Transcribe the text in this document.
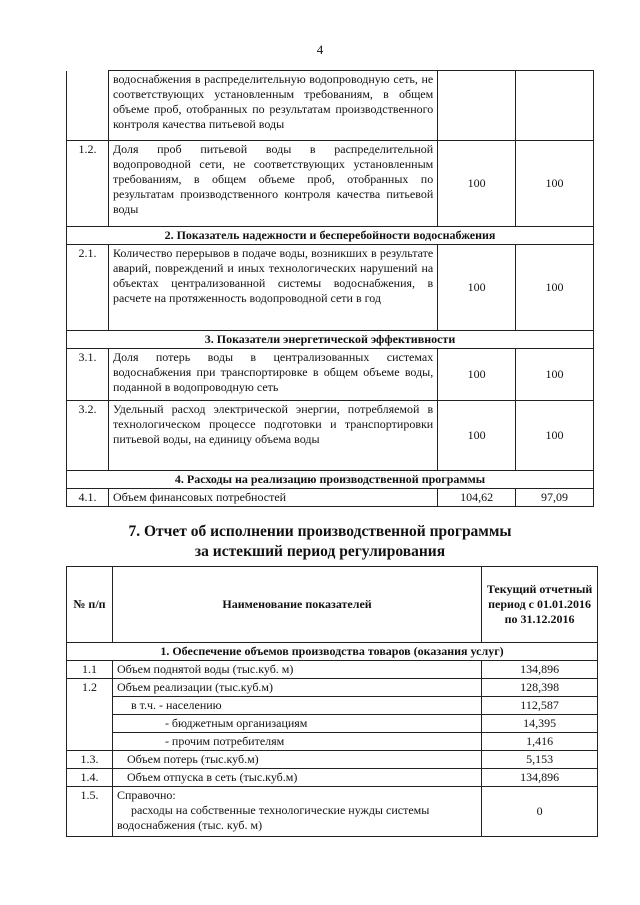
4
	водоснабжения в распределительную водопроводную сеть, не соответствующих установленным требованиям, в общем объеме проб, отобранных по результатам производственного контроля качества питьевой воды		
1.2.	Доля проб питьевой воды в распределительной водопроводной сети, не соответствующих установленным требованиям, в общем объеме проб, отобранных по результатам производственного контроля качества питьевой воды	100	100
2. Показатель надежности и бесперебойности водоснабжения			
2.1.	Количество перерывов в подаче воды, возникших в результате аварий, повреждений и иных технологических нарушений на объектах централизованной системы водоснабжения, в расчете на протяженность водопроводной сети в год	100	100
3. Показатели энергетической эффективности			
3.1.	Доля потерь воды в централизованных системах водоснабжения при транспортировке в общем объеме воды, поданной в водопроводную сеть	100	100
3.2.	Удельный расход электрической энергии, потребляемой в технологическом процессе подготовки и транспортировки питьевой воды, на единицу объема воды	100	100
4. Расходы на реализацию производственной программы			
4.1.	Объем финансовых потребностей	104,62	97,09
7. Отчет об исполнении производственной программы
за истекший период регулирования
№ п/п	Наименование показателей	Текущий отчетный период с 01.01.2016 по 31.12.2016
1. Обеспечение объемов производства товаров (оказания услуг)		
1.1	Объем поднятой воды (тыс.куб. м)	134,896
1.2	Объем реализации (тыс.куб.м)	128,398
	в т.ч. - населению	112,587
	- бюджетным организациям	14,395
	- прочим потребителям	1,416
1.3.	Объем потерь (тыс.куб.м)	5,153
1.4.	Объем отпуска в сеть (тыс.куб.м)	134,896
1.5.	Справочно:
расходы на собственные технологические нужды системы
водоснабжения (тыс. куб. м)	0
